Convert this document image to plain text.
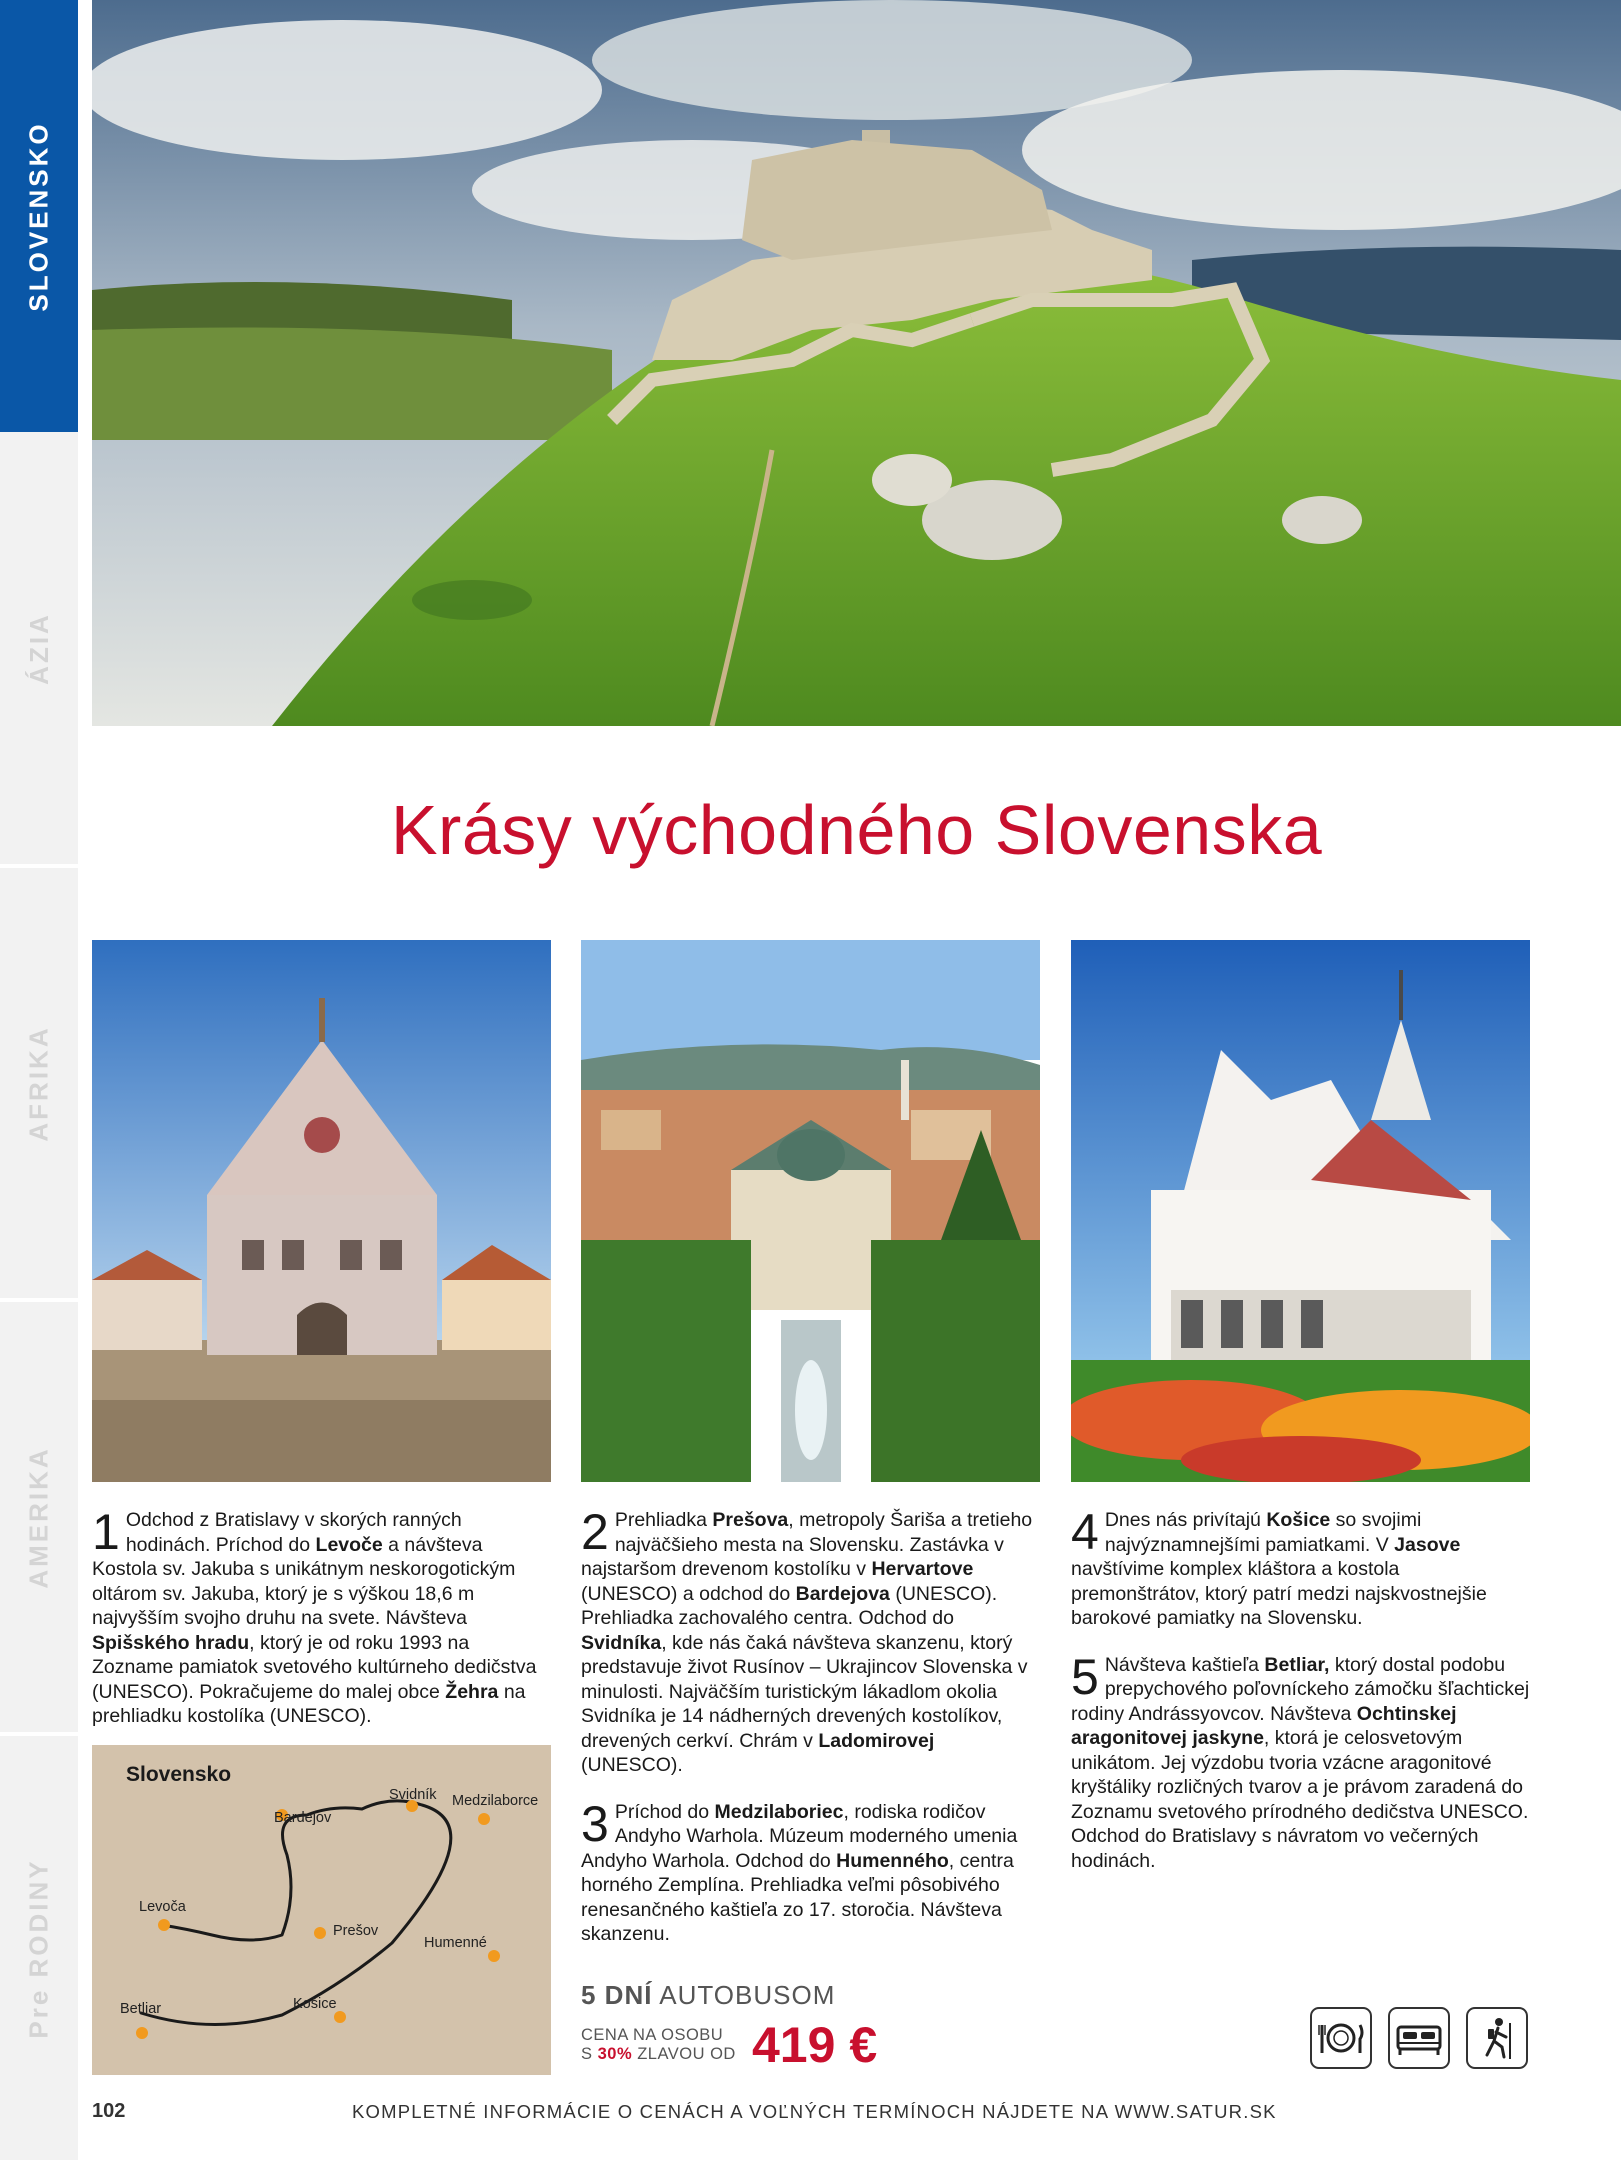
SLOVENSKO
ÁZIA
AFRIKA
AMERIKA
Pre RODINY
Krásy východného Slovenska
1 Odchod z Bratislavy v skorých ranných hodinách. Príchod do Levoče a návšteva Kostola sv. Jakuba s unikátnym neskorogotickým oltárom sv. Jakuba, ktorý je s výškou 18,6 m najvyšším svojho druhu na svete. Návšteva Spišského hradu, ktorý je od roku 1993 na Zozname pamiatok svetového kultúrneho dedičstva (UNESCO). Pokračujeme do malej obce Žehra na prehliadku kostolíka (UNESCO).
Slovensko
Bardejov
Svidník Medzilaborce
Levoča
Prešov
Humenné
Košice
Betliar
2 Prehliadka Prešova, metropoly Šariša a tretieho najväčšieho mesta na Slovensku. Zastávka v najstaršom drevenom kostolíku v Hervartove (UNESCO) a odchod do Bardejova (UNESCO). Prehliadka zachovalého centra. Odchod do Svidníka, kde nás čaká návšteva skanzenu, ktorý predstavuje život Rusínov – Ukrajincov Slovenska v minulosti. Najväčším turistickým lákadlom okolia Svidníka je 14 nádherných drevených kostolíkov, drevených cerkví. Chrám v Ladomirovej (UNESCO).
3 Príchod do Medzilaboriec, rodiska rodičov Andyho Warhola. Múzeum moderného umenia Andyho Warhola. Odchod do Humenného, centra horného Zemplína. Prehliadka veľmi pôsobivého renesančného kaštieľa zo 17. storočia. Návšteva skanzenu.
4 Dnes nás privítajú Košice so svojimi najvýznamnejšími pamiatkami. V Jasove navštívime komplex kláštora a kostola premonštrátov, ktorý patrí medzi najskvostnejšie barokové pamiatky na Slovensku.
5 Návšteva kaštieľa Betliar, ktorý dostal podobu prepychového poľovníckeho zámočku šľachtickej rodiny Andrássyovcov. Návšteva Ochtinskej aragonitovej jaskyne, ktorá je celosvetovým unikátom. Jej výzdobu tvoria vzácne aragonitové kryštáliky rozličných tvarov a je právom zaradená do Zoznamu svetového prírodného dedičstva UNESCO. Odchod do Bratislavy s návratom vo večerných hodinách.
5 DNÍ AUTOBUSOM
CENA NA OSOBU
S 30% ZLAVOU OD 419 €
102	KOMPLETNÉ INFORMÁCIE O CENÁCH A VOĽNÝCH TERMÍNOCH NÁJDETE NA WWW.SATUR.SK
